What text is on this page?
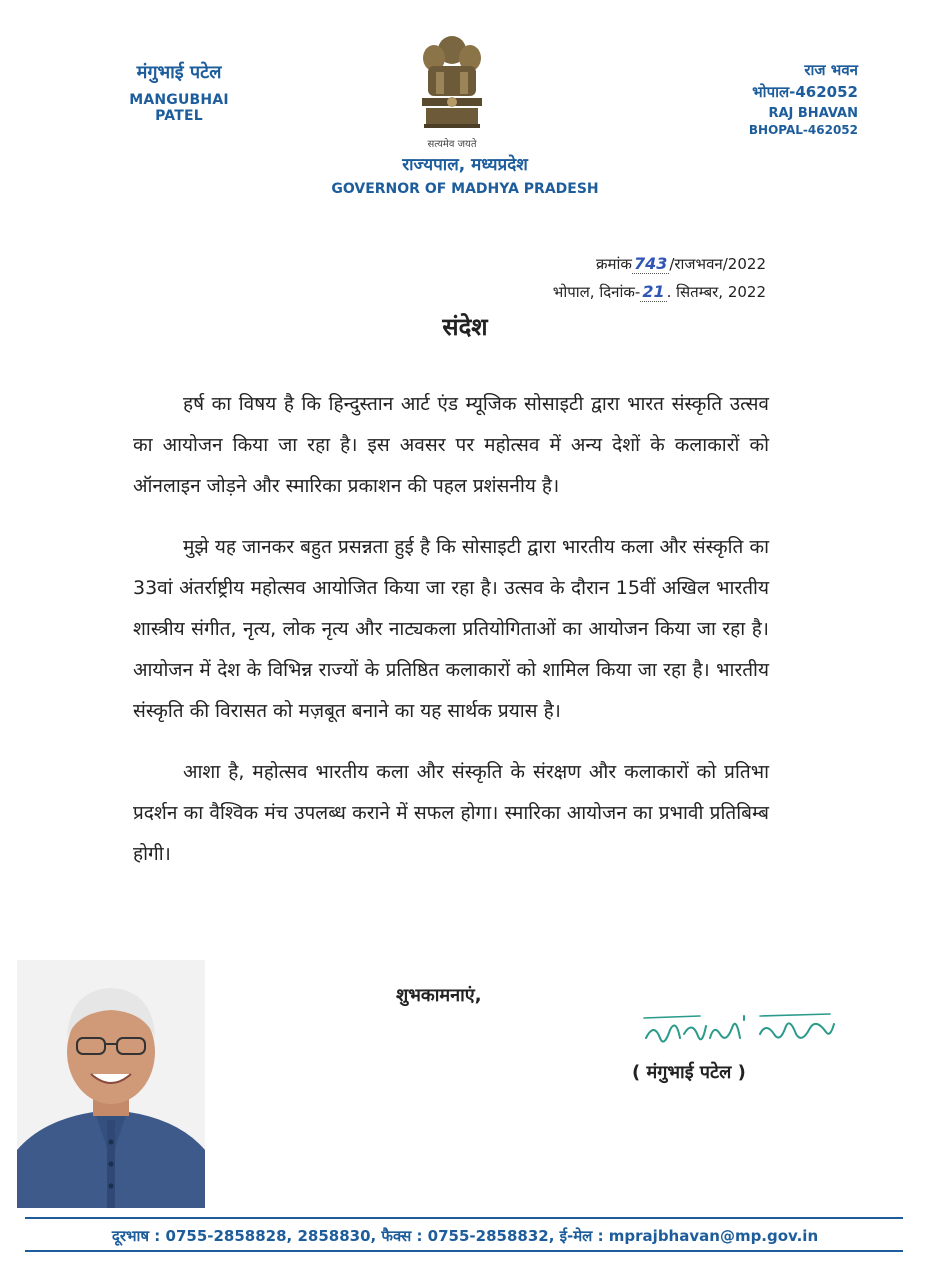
मंगुभाई पटेल
MANGUBHAI PATEL
सत्यमेव जयते
राज्यपाल, मध्यप्रदेश
GOVERNOR OF MADHYA PRADESH
राज भवन
भोपाल-462052
RAJ BHAVAN
BHOPAL-462052
क्रमांक 743 /राजभवन/2022
भोपाल, दिनांक- 21 . सितम्बर, 2022
संदेश

हर्ष का विषय है कि हिन्दुस्तान आर्ट एंड म्यूजिक सोसाइटी द्वारा भारत संस्कृति उत्सव का आयोजन किया जा रहा है। इस अवसर पर महोत्सव में अन्य देशों के कलाकारों को ऑनलाइन जोड़ने और स्मारिका प्रकाशन की पहल प्रशंसनीय है।

मुझे यह जानकर बहुत प्रसन्नता हुई है कि सोसाइटी द्वारा भारतीय कला और संस्कृति का 33वां अंतर्राष्ट्रीय महोत्सव आयोजित किया जा रहा है। उत्सव के दौरान 15वीं अखिल भारतीय शास्त्रीय संगीत, नृत्य, लोक नृत्य और नाट्यकला प्रतियोगिताओं का आयोजन किया जा रहा है। आयोजन में देश के विभिन्न राज्यों के प्रतिष्ठित कलाकारों को शामिल किया जा रहा है। भारतीय संस्कृति की विरासत को मज़बूत बनाने का यह सार्थक प्रयास है।

आशा है, महोत्सव भारतीय कला और संस्कृति के संरक्षण और कलाकारों को प्रतिभा प्रदर्शन का वैश्विक मंच उपलब्ध कराने में सफल होगा। स्मारिका आयोजन का प्रभावी प्रतिबिम्ब होगी।

शुभकामनाएं,
( मंगुभाई पटेल )
दूरभाष : 0755-2858828, 2858830, फैक्स : 0755-2858832, ई-मेल : mprajbhavan@mp.gov.in
